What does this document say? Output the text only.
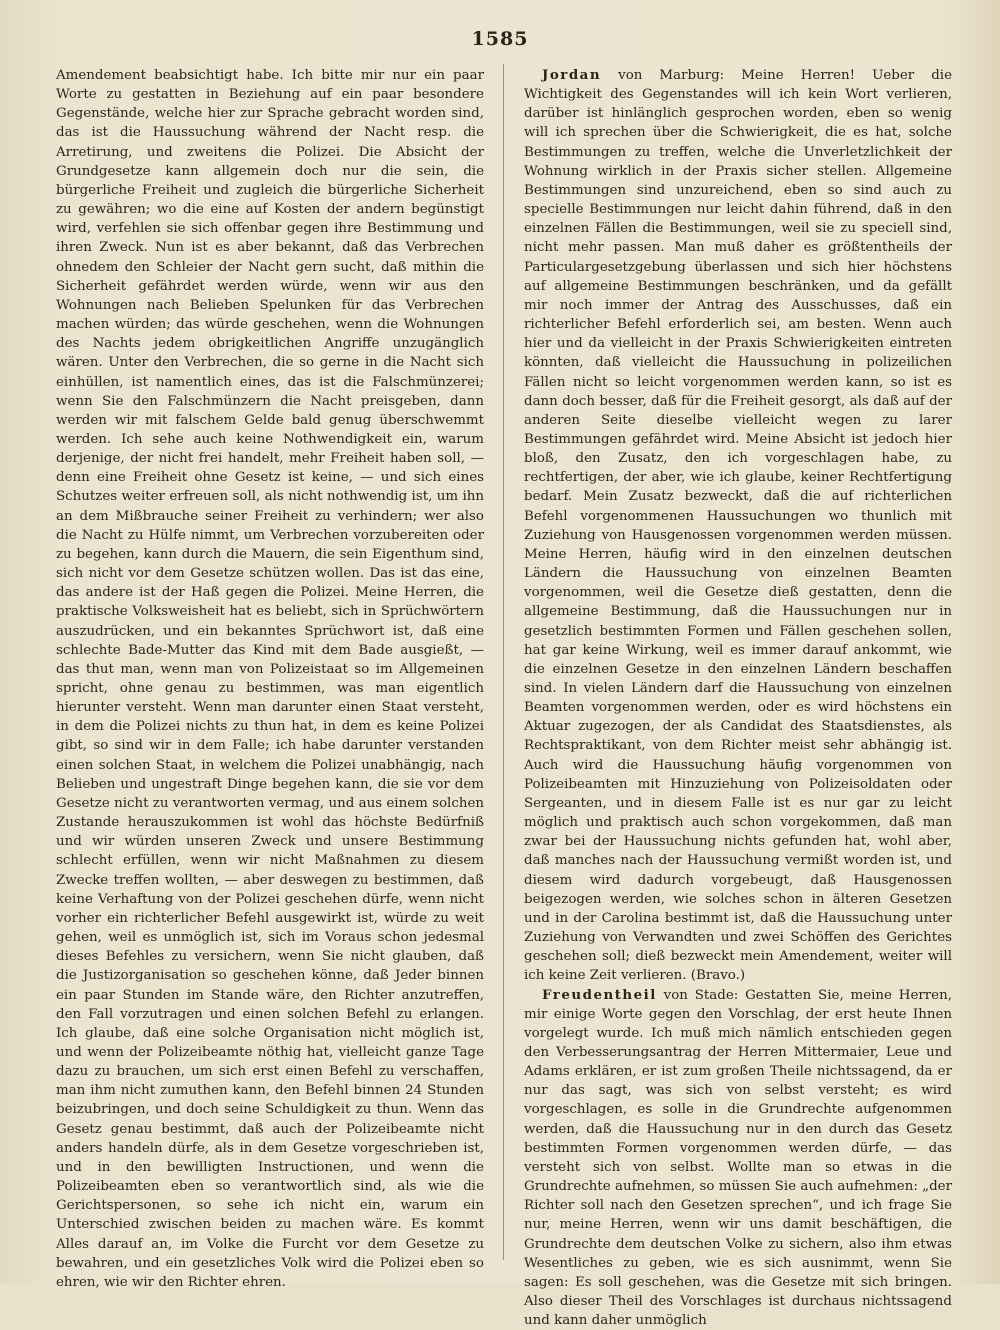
1585

Amendement beabsichtigt habe. Ich bitte mir nur ein paar Worte zu gestatten in Beziehung auf ein paar besondere Gegenstände, welche hier zur Sprache gebracht worden sind, das ist die Haussuchung während der Nacht resp. die Arretirung, und zweitens die Polizei. Die Absicht der Grundgesetze kann allgemein doch nur die sein, die bürgerliche Freiheit und zugleich die bürgerliche Sicherheit zu gewähren; wo die eine auf Kosten der andern begünstigt wird, verfehlen sie sich offenbar gegen ihre Bestimmung und ihren Zweck. Nun ist es aber bekannt, daß das Verbrechen ohnedem den Schleier der Nacht gern sucht, daß mithin die Sicherheit gefährdet werden würde, wenn wir aus den Wohnungen nach Belieben Spelunken für das Verbrechen machen würden; das würde geschehen, wenn die Wohnungen des Nachts jedem obrigkeitlichen Angriffe unzugänglich wären. Unter den Verbrechen, die so gerne in die Nacht sich einhüllen, ist namentlich eines, das ist die Falschmünzerei; wenn Sie den Falschmünzern die Nacht preisgeben, dann werden wir mit falschem Gelde bald genug überschwemmt werden. Ich sehe auch keine Nothwendigkeit ein, warum derjenige, der nicht frei handelt, mehr Freiheit haben soll, — denn eine Freiheit ohne Gesetz ist keine, — und sich eines Schutzes weiter erfreuen soll, als nicht nothwendig ist, um ihn an dem Mißbrauche seiner Freiheit zu verhindern; wer also die Nacht zu Hülfe nimmt, um Verbrechen vorzubereiten oder zu begehen, kann durch die Mauern, die sein Eigenthum sind, sich nicht vor dem Gesetze schützen wollen. Das ist das eine, das andere ist der Haß gegen die Polizei. Meine Herren, die praktische Volksweisheit hat es beliebt, sich in Sprüchwörtern auszudrücken, und ein bekanntes Sprüchwort ist, daß eine schlechte Bade-Mutter das Kind mit dem Bade ausgießt, — das thut man, wenn man von Polizeistaat so im Allgemeinen spricht, ohne genau zu bestimmen, was man eigentlich hierunter versteht. Wenn man darunter einen Staat versteht, in dem die Polizei nichts zu thun hat, in dem es keine Polizei gibt, so sind wir in dem Falle; ich habe darunter verstanden einen solchen Staat, in welchem die Polizei unabhängig, nach Belieben und ungestraft Dinge begehen kann, die sie vor dem Gesetze nicht zu verantworten vermag, und aus einem solchen Zustande herauszukommen ist wohl das höchste Bedürfniß und wir würden unseren Zweck und unsere Bestimmung schlecht erfüllen, wenn wir nicht Maßnahmen zu diesem Zwecke treffen wollten, — aber deswegen zu bestimmen, daß keine Verhaftung von der Polizei geschehen dürfe, wenn nicht vorher ein richterlicher Befehl ausgewirkt ist, würde zu weit gehen, weil es unmöglich ist, sich im Voraus schon jedesmal dieses Befehles zu versichern, wenn Sie nicht glauben, daß die Justizorganisation so geschehen könne, daß Jeder binnen ein paar Stunden im Stande wäre, den Richter anzutreffen, den Fall vorzutragen und einen solchen Befehl zu erlangen. Ich glaube, daß eine solche Organisation nicht möglich ist, und wenn der Polizeibeamte nöthig hat, vielleicht ganze Tage dazu zu brauchen, um sich erst einen Befehl zu verschaffen, man ihm nicht zumuthen kann, den Befehl binnen 24 Stunden beizubringen, und doch seine Schuldigkeit zu thun. Wenn das Gesetz genau bestimmt, daß auch der Polizeibeamte nicht anders handeln dürfe, als in dem Gesetze vorgeschrieben ist, und in den bewilligten Instructionen, und wenn die Polizeibeamten eben so verantwortlich sind, als wie die Gerichtspersonen, so sehe ich nicht ein, warum ein Unterschied zwischen beiden zu machen wäre. Es kommt Alles darauf an, im Volke die Furcht vor dem Gesetze zu bewahren, und ein gesetzliches Volk wird die Polizei eben so ehren, wie wir den Richter ehren.

Jordan von Marburg: Meine Herren! Ueber die Wichtigkeit des Gegenstandes will ich kein Wort verlieren, darüber ist hinlänglich gesprochen worden, eben so wenig will ich sprechen über die Schwierigkeit, die es hat, solche Bestimmungen zu treffen, welche die Unverletzlichkeit der Wohnung wirklich in der Praxis sicher stellen. Allgemeine Bestimmungen sind unzureichend, eben so sind auch zu specielle Bestimmungen nur leicht dahin führend, daß in den einzelnen Fällen die Bestimmungen, weil sie zu speciell sind, nicht mehr passen. Man muß daher es größtentheils der Particulargesetzgebung überlassen und sich hier höchstens auf allgemeine Bestimmungen beschränken, und da gefällt mir noch immer der Antrag des Ausschusses, daß ein richterlicher Befehl erforderlich sei, am besten. Wenn auch hier und da vielleicht in der Praxis Schwierigkeiten eintreten könnten, daß vielleicht die Haussuchung in polizeilichen Fällen nicht so leicht vorgenommen werden kann, so ist es dann doch besser, daß für die Freiheit gesorgt, als daß auf der anderen Seite dieselbe vielleicht wegen zu larer Bestimmungen gefährdet wird. Meine Absicht ist jedoch hier bloß, den Zusatz, den ich vorgeschlagen habe, zu rechtfertigen, der aber, wie ich glaube, keiner Rechtfertigung bedarf. Mein Zusatz bezweckt, daß die auf richterlichen Befehl vorgenommenen Haussuchungen wo thunlich mit Zuziehung von Hausgenossen vorgenommen werden müssen. Meine Herren, häufig wird in den einzelnen deutschen Ländern die Haussuchung von einzelnen Beamten vorgenommen, weil die Gesetze dieß gestatten, denn die allgemeine Bestimmung, daß die Haussuchungen nur in gesetzlich bestimmten Formen und Fällen geschehen sollen, hat gar keine Wirkung, weil es immer darauf ankommt, wie die einzelnen Gesetze in den einzelnen Ländern beschaffen sind. In vielen Ländern darf die Haussuchung von einzelnen Beamten vorgenommen werden, oder es wird höchstens ein Aktuar zugezogen, der als Candidat des Staatsdienstes, als Rechtspraktikant, von dem Richter meist sehr abhängig ist. Auch wird die Haussuchung häufig vorgenommen von Polizeibeamten mit Hinzuziehung von Polizeisoldaten oder Sergeanten, und in diesem Falle ist es nur gar zu leicht möglich und praktisch auch schon vorgekommen, daß man zwar bei der Haussuchung nichts gefunden hat, wohl aber, daß manches nach der Haussuchung vermißt worden ist, und diesem wird dadurch vorgebeugt, daß Hausgenossen beigezogen werden, wie solches schon in älteren Gesetzen und in der Carolina bestimmt ist, daß die Haussuchung unter Zuziehung von Verwandten und zwei Schöffen des Gerichtes geschehen soll; dieß bezweckt mein Amendement, weiter will ich keine Zeit verlieren. (Bravo.)

Freudentheil von Stade: Gestatten Sie, meine Herren, mir einige Worte gegen den Vorschlag, der erst heute Ihnen vorgelegt wurde. Ich muß mich nämlich entschieden gegen den Verbesserungsantrag der Herren Mittermaier, Leue und Adams erklären, er ist zum großen Theile nichtssagend, da er nur das sagt, was sich von selbst versteht; es wird vorgeschlagen, es solle in die Grundrechte aufgenommen werden, daß die Haussuchung nur in den durch das Gesetz bestimmten Formen vorgenommen werden dürfe, — das versteht sich von selbst. Wollte man so etwas in die Grundrechte aufnehmen, so müssen Sie auch aufnehmen: „der Richter soll nach den Gesetzen sprechen“, und ich frage Sie nur, meine Herren, wenn wir uns damit beschäftigen, die Grundrechte dem deutschen Volke zu sichern, also ihm etwas Wesentliches zu geben, wie es sich ausnimmt, wenn Sie sagen: Es soll geschehen, was die Gesetze mit sich bringen. Also dieser Theil des Vorschlages ist durchaus nichtssagend und kann daher unmöglich
